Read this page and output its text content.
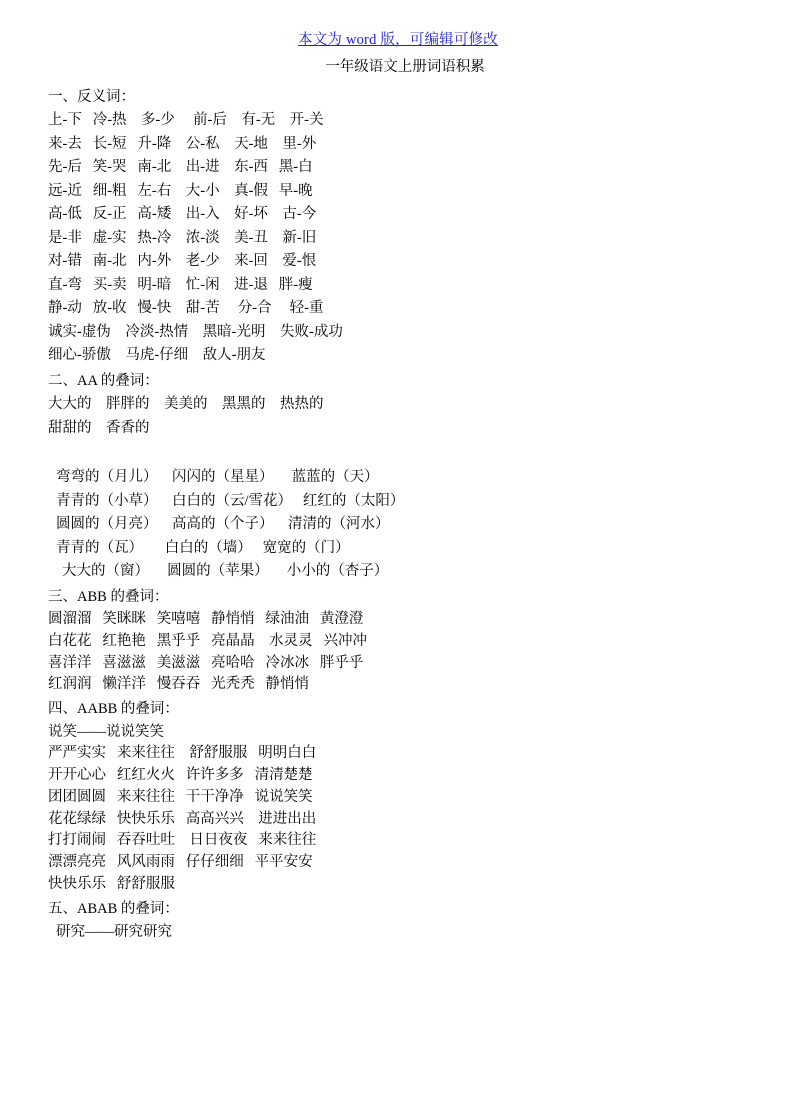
本文为 word 版，可编辑可修改
一年级语文上册词语积累
一、反义词：
上-下   冷-热    多-少     前-后    有-无    开-关
来-去   长-短   升-降    公-私    天-地    里-外
先-后   笑-哭   南-北    出-进    东-西   黑-白
远-近   细-粗   左-右    大-小    真-假   早-晚
高-低   反-正   高-矮    出-入    好-坏    古-今
是-非   虚-实   热-冷    浓-淡    美-丑    新-旧
对-错   南-北   内-外    老-少    来-回    爱-恨
直-弯   买-卖   明-暗    忙-闲    进-退   胖-瘦
静-动   放-收   慢-快    甜-苦     分-合     轻-重
诚实-虚伪    冷淡-热情    黑暗-光明    失败-成功
细心-骄傲    马虎-仔细    敌人-朋友
二、AA 的叠词：
大大的    胖胖的    美美的    黑黑的    热热的
甜甜的    香香的
弯弯的（月儿）    闪闪的（星星）     蓝蓝的（天）
青青的（小草）    白白的（云/雪花）   红红的（太阳）
圆圆的（月亮）    高高的（个子）    清清的（河水）
青青的（瓦）      白白的（墙）   宽宽的（门）
大大的（窗）     圆圆的（苹果）     小小的（杏子）
三、ABB 的叠词：
圆溜溜   笑眯眯   笑嘻嘻   静悄悄   绿油油   黄澄澄
白花花   红艳艳   黑乎乎   亮晶晶    水灵灵   兴冲冲
喜洋洋   喜滋滋   美滋滋   亮哈哈   冷冰冰   胖乎乎
红润润   懒洋洋   慢吞吞   光秃秃   静悄悄
四、AABB 的叠词：
说笑——说说笑笑
严严实实   来来往往    舒舒服服   明明白白
开开心心   红红火火   许许多多   清清楚楚
团团圆圆   来来往往   干干净净   说说笑笑
花花绿绿   快快乐乐   高高兴兴    进进出出
打打闹闹   吞吞吐吐    日日夜夜   来来往往
漂漂亮亮   风风雨雨   仔仔细细   平平安安
快快乐乐   舒舒服服
五、ABAB 的叠词：
研究——研究研究
